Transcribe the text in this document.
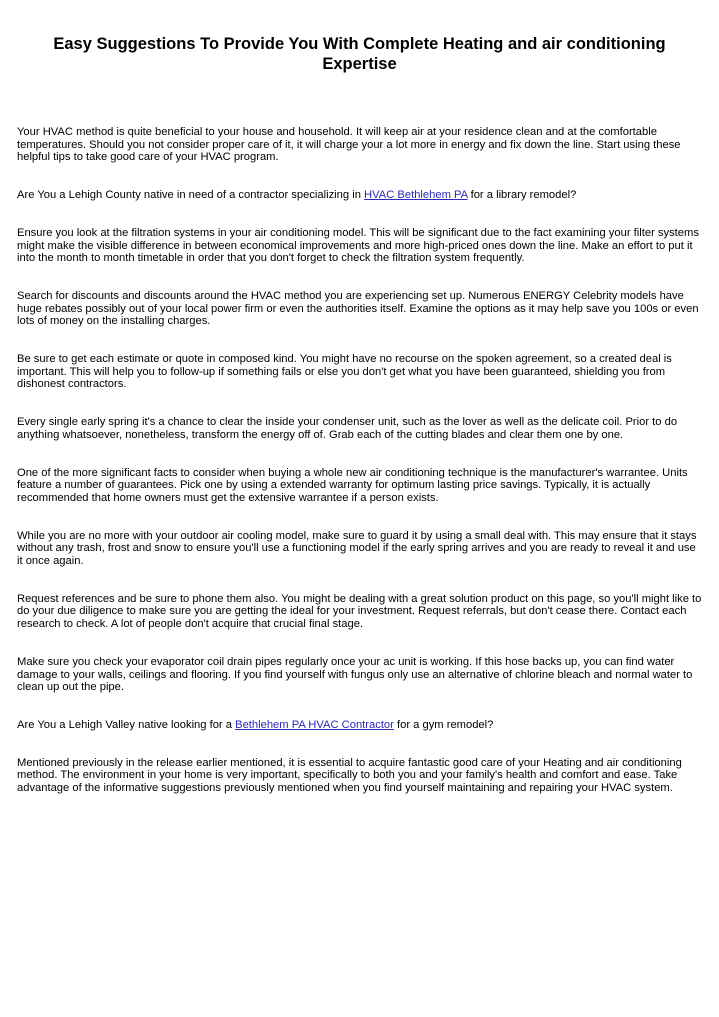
Easy Suggestions To Provide You With Complete Heating and air conditioning Expertise

Your HVAC method is quite beneficial to your house and household. It will keep air at your residence clean and at the comfortable temperatures. Should you not consider proper care of it, it will charge your a lot more in energy and fix down the line. Start using these helpful tips to take good care of your HVAC program.

Are You a Lehigh County native in need of a contractor specializing in HVAC Bethlehem PA for a library remodel?

Ensure you look at the filtration systems in your air conditioning model. This will be significant due to the fact examining your filter systems might make the visible difference in between economical improvements and more high-priced ones down the line. Make an effort to put it into the month to month timetable in order that you don't forget to check the filtration system frequently.

Search for discounts and discounts around the HVAC method you are experiencing set up. Numerous ENERGY Celebrity models have huge rebates possibly out of your local power firm or even the authorities itself. Examine the options as it may help save you 100s or even lots of money on the installing charges.

Be sure to get each estimate or quote in composed kind. You might have no recourse on the spoken agreement, so a created deal is important. This will help you to follow-up if something fails or else you don't get what you have been guaranteed, shielding you from dishonest contractors.

Every single early spring it's a chance to clear the inside your condenser unit, such as the lover as well as the delicate coil. Prior to do anything whatsoever, nonetheless, transform the energy off of. Grab each of the cutting blades and clear them one by one.

One of the more significant facts to consider when buying a whole new air conditioning technique is the manufacturer's warrantee. Units feature a number of guarantees. Pick one by using a extended warranty for optimum lasting price savings. Typically, it is actually recommended that home owners must get the extensive warrantee if a person exists.

While you are no more with your outdoor air cooling model, make sure to guard it by using a small deal with. This may ensure that it stays without any trash, frost and snow to ensure you'll use a functioning model if the early spring arrives and you are ready to reveal it and use it once again.

Request references and be sure to phone them also. You might be dealing with a great solution product on this page, so you'll might like to do your due diligence to make sure you are getting the ideal for your investment. Request referrals, but don't cease there. Contact each research to check. A lot of people don't acquire that crucial final stage.

Make sure you check your evaporator coil drain pipes regularly once your ac unit is working. If this hose backs up, you can find water damage to your walls, ceilings and flooring. If you find yourself with fungus only use an alternative of chlorine bleach and normal water to clean up out the pipe.

Are You a Lehigh Valley native looking for a Bethlehem PA HVAC Contractor for a gym remodel?

Mentioned previously in the release earlier mentioned, it is essential to acquire fantastic good care of your Heating and air conditioning method. The environment in your home is very important, specifically to both you and your family's health and comfort and ease. Take advantage of the informative suggestions previously mentioned when you find yourself maintaining and repairing your HVAC system.
